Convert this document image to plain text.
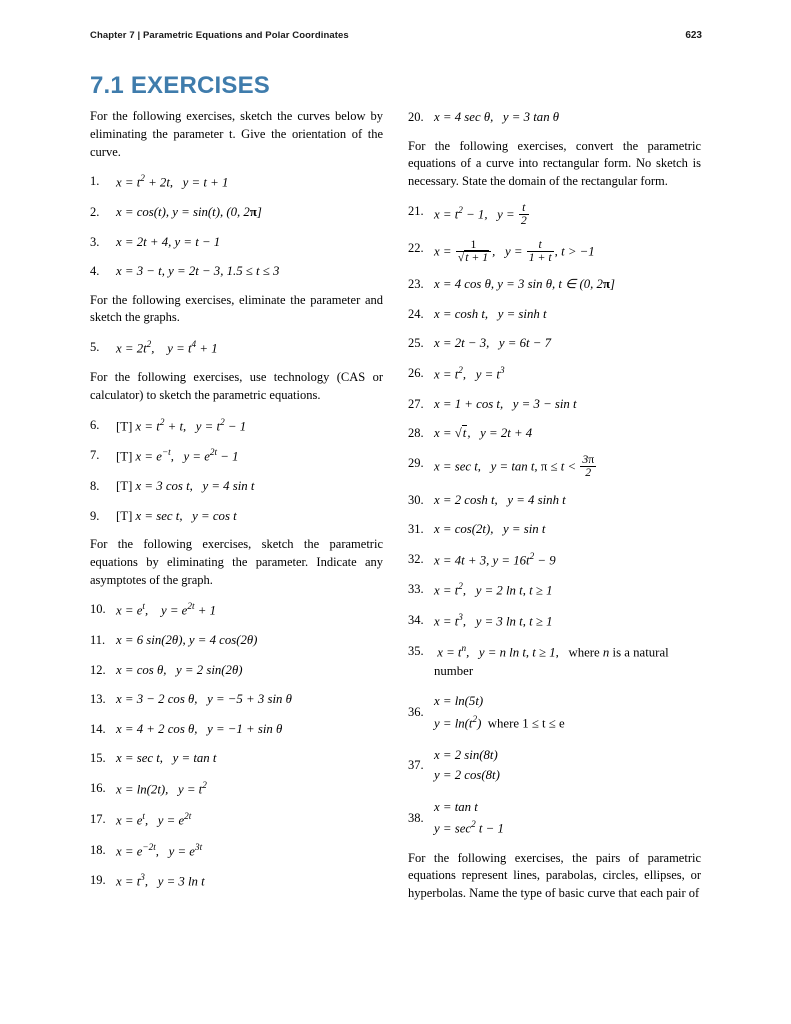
Chapter 7 | Parametric Equations and Polar Coordinates	623
7.1 EXERCISES
For the following exercises, sketch the curves below by eliminating the parameter t. Give the orientation of the curve.
1.	$x = t^2 + 2t$,   y = t + 1
2.	x = cos(t), y = sin(t), (0, 2π]
3.	x = 2t + 4, y = t − 1
4.	x = 3 − t, y = 2t − 3, 1.5 ≤ t ≤ 3
For the following exercises, eliminate the parameter and sketch the graphs.
5.	$x = 2t^2$,    $y = t^4 + 1$
For the following exercises, use technology (CAS or calculator) to sketch the parametric equations.
6.	[T] $x = t^2 + t$,   $y = t^2 - 1$
7.	[T] $x = e^{-t}$,   $y = e^{2t} - 1$
8.	[T] x = 3 cos t,   y = 4 sin t
9.	[T] x = sec t,   y = cos t
For the following exercises, sketch the parametric equations by eliminating the parameter. Indicate any asymptotes of the graph.
10. $x = e^t$,    $y = e^{2t} + 1$
11. x = 6 sin(2θ), y = 4 cos(2θ)
12. x = cos θ,   y = 2 sin(2θ)
13. x = 3 − 2 cos θ,   y = −5 + 3 sin θ
14. x = 4 + 2 cos θ,   y = −1 + sin θ
15. x = sec t,   y = tan t
16. x = ln(2t),   $y = t^2$
17. $x = e^t$,   $y = e^{2t}$
18. $x = e^{-2t}$,   $y = e^{3t}$
19. $x = t^3$,   y = 3 ln t
20. x = 4 sec θ,   y = 3 tan θ
For the following exercises, convert the parametric equations of a curve into rectangular form. No sketch is necessary. State the domain of the rectangular form.
21. $x = t^2 - 1$,   $y = \frac{t}{2}$
22. $x = \frac{1}{√t + 1}$ ,   $y = \frac{t}{1 + t}$ , t > −1
23. x = 4 cos θ, y = 3 sin θ, t ∈ (0, 2π]
24. x = cosh t,   y = sinh t
25. x = 2t − 3,   y = 6t − 7
26. $x = t^2$,   $y = t^3$
27. x = 1 + cos t,   y = 3 − sin t
28. x = √t,   y = 2t + 4
29. x = sec t,   y = tan t, $\pi \le t < \frac{3\pi}{2}$
30. x = 2 cosh t,   y = 4 sinh t
31. x = cos(2t),   y = sin t
32. x = 4t + 3, $y = 16t^2 - 9$
33. $x = t^2$,   y = 2 ln t, t ≥ 1
34. $x = t^3$,   y = 3 ln t, t ≥ 1
35. $x = t^n$,   y = n ln t, t ≥ 1,   where n is a natural number
36.
x = ln(5t)
$y = \ln(t^2)$  where 1 ≤ t ≤ e
37.
x = 2 sin(8t)
y = 2 cos(8t)
38.
x = tan t
$y = \sec^2 t - 1$
For the following exercises, the pairs of parametric equations represent lines, parabolas, circles, ellipses, or hyperbolas. Name the type of basic curve that each pair of
